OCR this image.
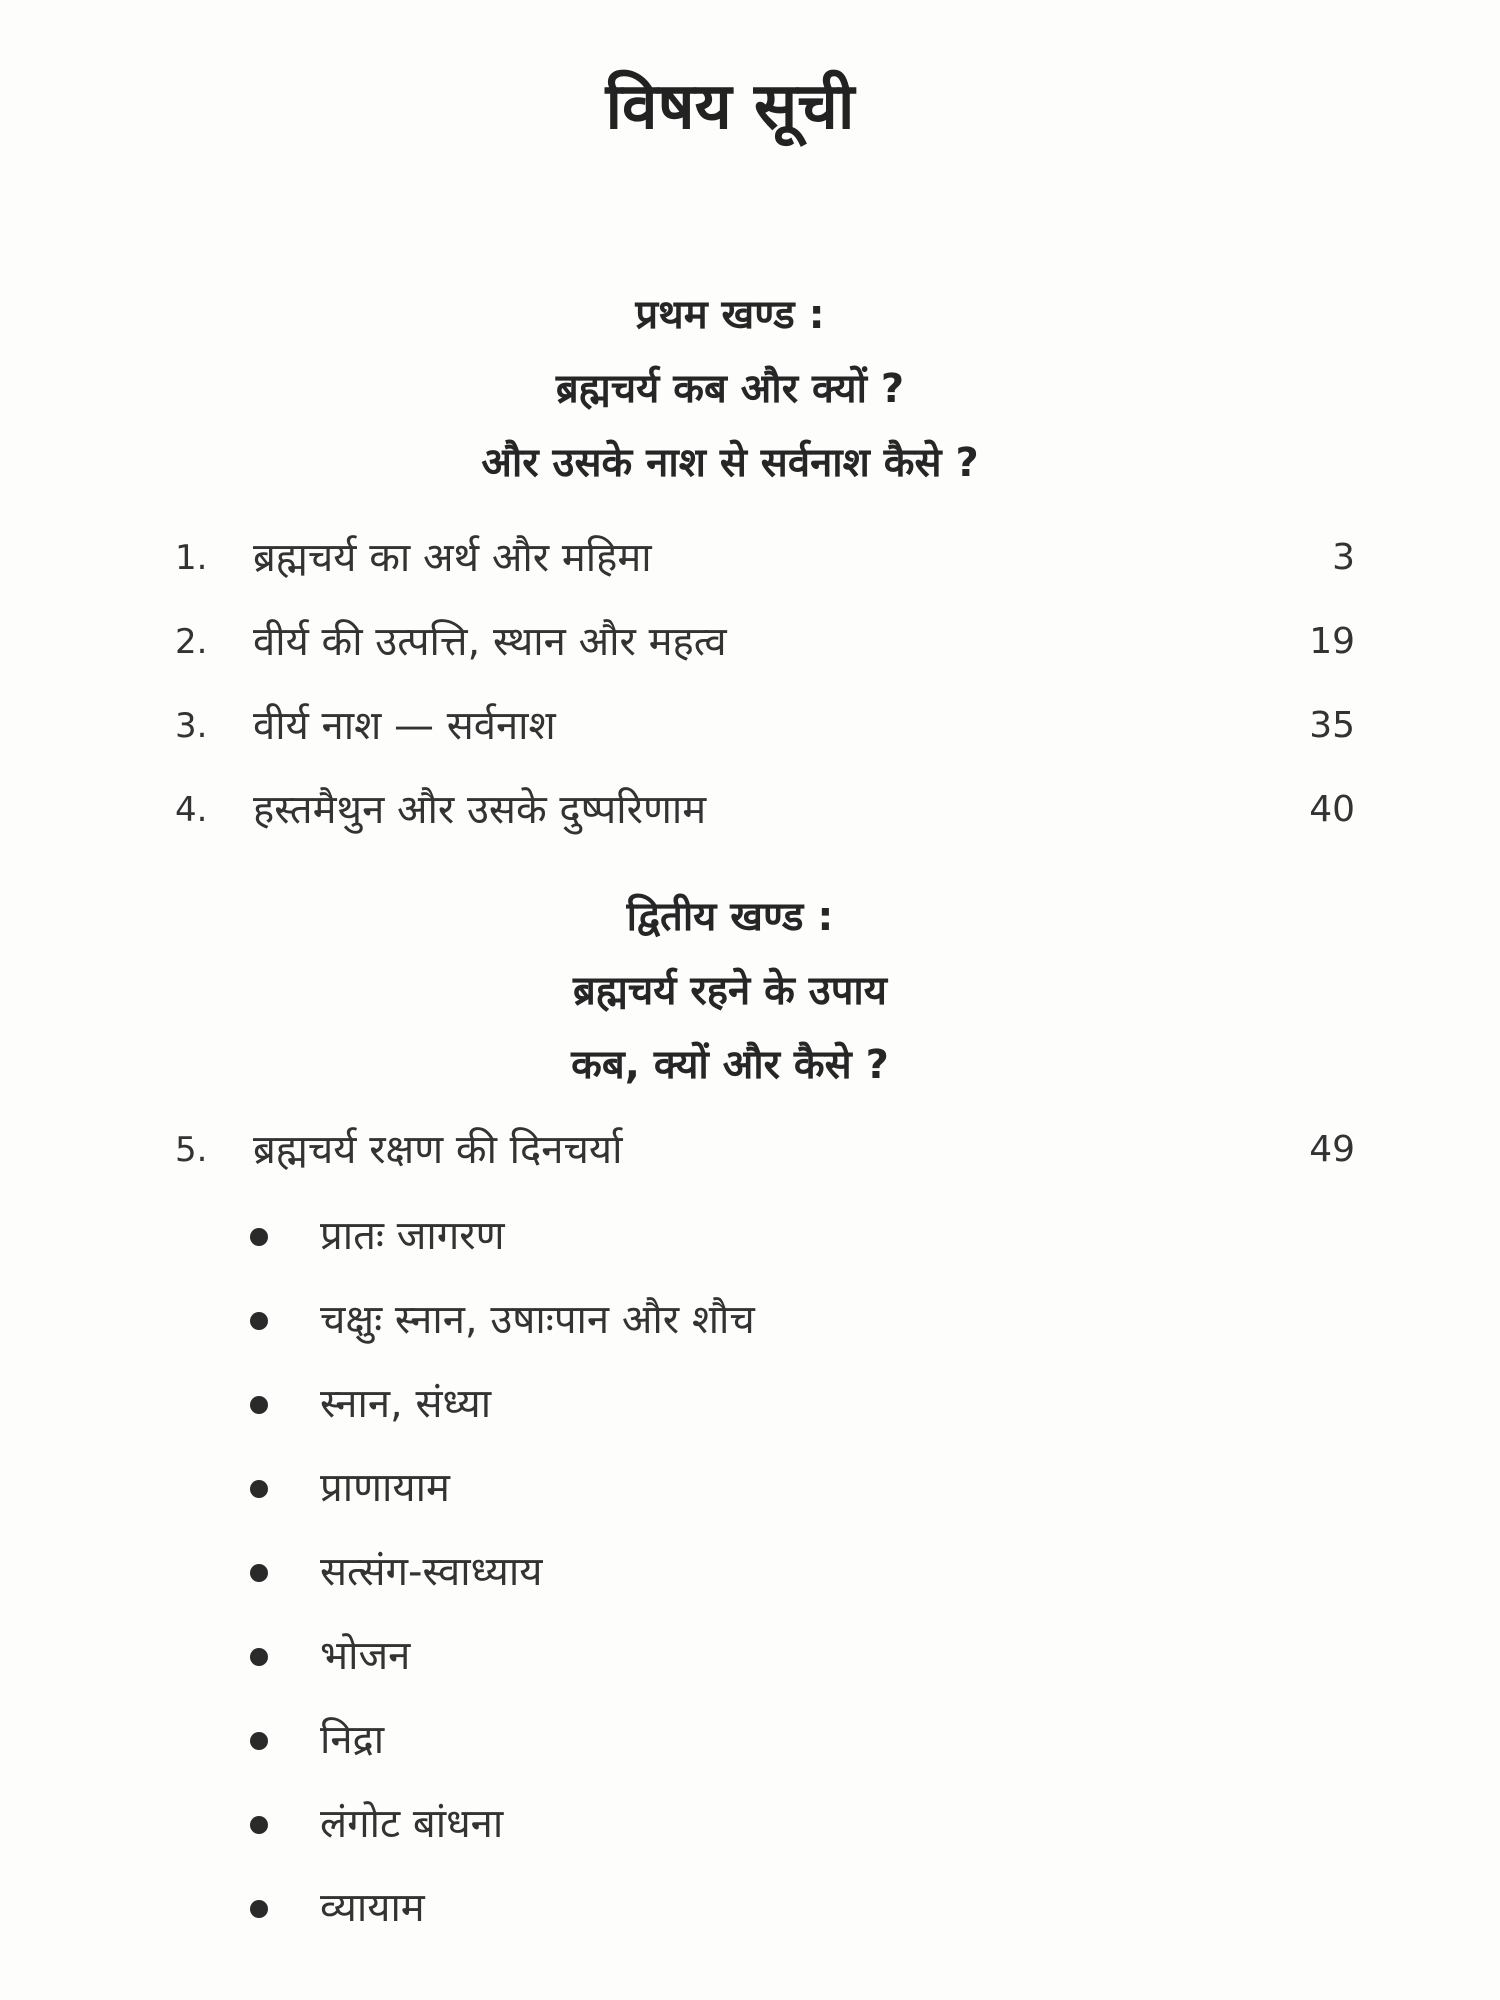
विषय सूची
प्रथम खण्ड :
ब्रह्मचर्य कब और क्यों ?
और उसके नाश से सर्वनाश कैसे ?
1. ब्रह्मचर्य का अर्थ और महिमा	3
2. वीर्य की उत्पत्ति, स्थान और महत्व	19
3. वीर्य नाश — सर्वनाश	35
4. हस्तमैथुन और उसके दुष्परिणाम	40
द्वितीय खण्ड :
ब्रह्मचर्य रहने के उपाय
कब, क्यों और कैसे ?
5. ब्रह्मचर्य रक्षण की दिनचर्या	49
प्रातः जागरण
चक्षुः स्नान, उषाःपान और शौच
स्नान, संध्या
प्राणायाम
सत्संग-स्वाध्याय
भोजन
निद्रा
लंगोट बांधना
व्यायाम
